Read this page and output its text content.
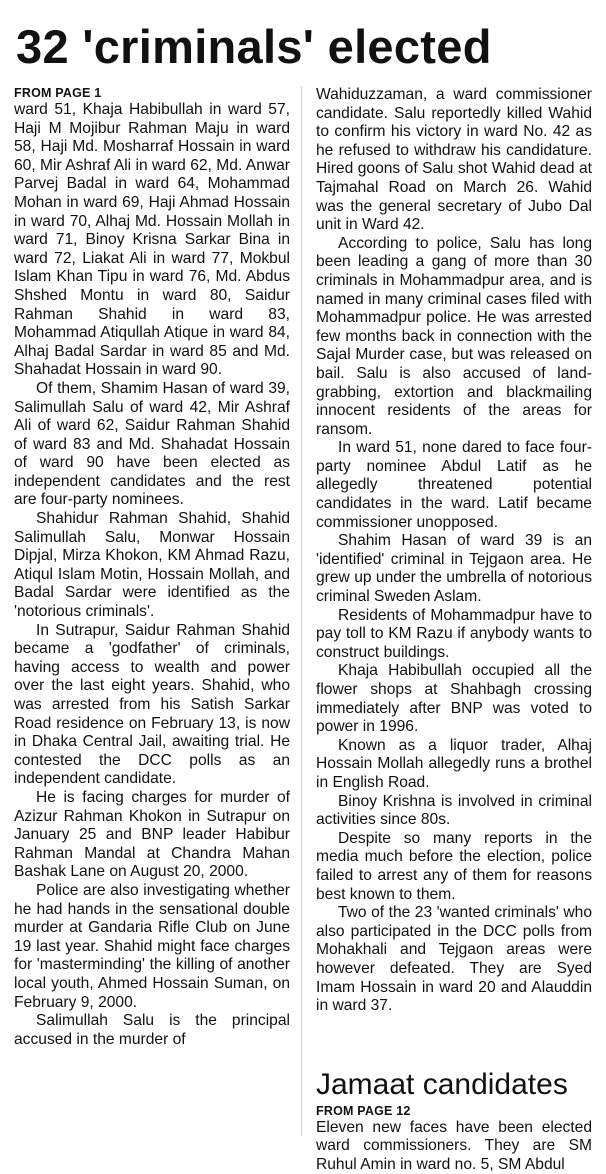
32 'criminals' elected
FROM PAGE 1

ward 51, Khaja Habibullah in ward 57, Haji M Mojibur Rahman Maju in ward 58, Haji Md. Mosharraf Hossain in ward 60, Mir Ashraf Ali in ward 62, Md. Anwar Parvej Badal in ward 64, Mohammad Mohan in ward 69, Haji Ahmad Hossain in ward 70, Alhaj Md. Hossain Mollah in ward 71, Binoy Krisna Sarkar Bina in ward 72, Liakat Ali in ward 77, Mokbul Islam Khan Tipu in ward 76, Md. Abdus Shshed Montu in ward 80, Saidur Rahman Shahid in ward 83, Mohammad Atiqullah Atique in ward 84, Alhaj Badal Sardar in ward 85 and Md. Shahadat Hossain in ward 90.

Of them, Shamim Hasan of ward 39, Salimullah Salu of ward 42, Mir Ashraf Ali of ward 62, Saidur Rahman Shahid of ward 83 and Md. Shahadat Hossain of ward 90 have been elected as independent candidates and the rest are four-party nominees.

Shahidur Rahman Shahid, Shahid Salimullah Salu, Monwar Hossain Dipjal, Mirza Khokon, KM Ahmad Razu, Atiqul Islam Motin, Hossain Mollah, and Badal Sardar were identified as the 'notorious criminals'.

In Sutrapur, Saidur Rahman Shahid became a 'godfather' of criminals, having access to wealth and power over the last eight years. Shahid, who was arrested from his Satish Sarkar Road residence on February 13, is now in Dhaka Central Jail, awaiting trial. He contested the DCC polls as an independent candidate.

He is facing charges for murder of Azizur Rahman Khokon in Sutrapur on January 25 and BNP leader Habibur Rahman Mandal at Chandra Mahan Bashak Lane on August 20, 2000.

Police are also investigating whether he had hands in the sensational double murder at Gandaria Rifle Club on June 19 last year. Shahid might face charges for 'masterminding' the killing of another local youth, Ahmed Hossain Suman, on February 9, 2000.

Salimullah Salu is the principal accused in the murder of

Wahiduzzaman, a ward commissioner candidate. Salu reportedly killed Wahid to confirm his victory in ward No. 42 as he refused to withdraw his candidature. Hired goons of Salu shot Wahid dead at Tajmahal Road on March 26. Wahid was the general secretary of Jubo Dal unit in Ward 42.

According to police, Salu has long been leading a gang of more than 30 criminals in Mohammadpur area, and is named in many criminal cases filed with Mohammadpur police. He was arrested few months back in connection with the Sajal Murder case, but was released on bail. Salu is also accused of land-grabbing, extortion and blackmailing innocent residents of the areas for ransom.

In ward 51, none dared to face four-party nominee Abdul Latif as he allegedly threatened potential candidates in the ward. Latif became commissioner unopposed.

Shahim Hasan of ward 39 is an 'identified' criminal in Tejgaon area. He grew up under the umbrella of notorious criminal Sweden Aslam.

Residents of Mohammadpur have to pay toll to KM Razu if anybody wants to construct buildings.

Khaja Habibullah occupied all the flower shops at Shahbagh crossing immediately after BNP was voted to power in 1996.

Known as a liquor trader, Alhaj Hossain Mollah allegedly runs a brothel in English Road.

Binoy Krishna is involved in criminal activities since 80s.

Despite so many reports in the media much before the election, police failed to arrest any of them for reasons best known to them.

Two of the 23 'wanted criminals' who also participated in the DCC polls from Mohakhali and Tejgaon areas were however defeated. They are Syed Imam Hossain in ward 20 and Alauddin in ward 37.

Jamaat candidates
FROM PAGE 12

Eleven new faces have been elected ward commissioners. They are SM Ruhul Amin in ward no. 5, SM Abdul
